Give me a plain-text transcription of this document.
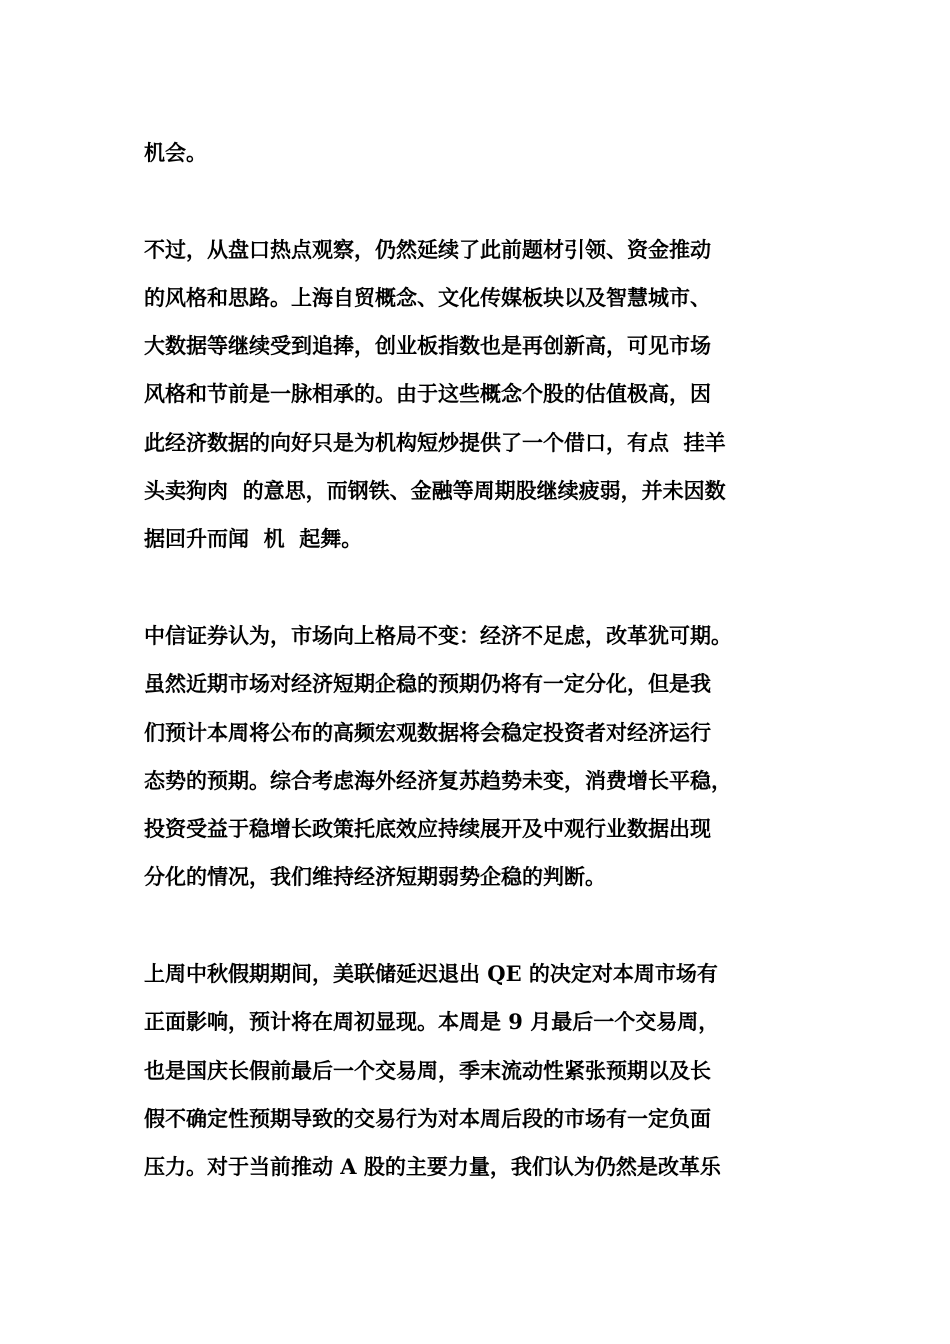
机会。

不过，从盘口热点观察，仍然延续了此前题材引领、资金推动

的风格和思路。上海自贸概念、文化传媒板块以及智慧城市、

大数据等继续受到追捧，创业板指数也是再创新高，可见市场

风格和节前是一脉相承的。由于这些概念个股的估值极高，因

此经济数据的向好只是为机构短炒提供了一个借口，有点  挂羊

头卖狗肉  的意思，而钢铁、金融等周期股继续疲弱，并未因数

据回升而闻  机  起舞。

中信证券认为，市场向上格局不变：经济不足虑，改革犹可期。

虽然近期市场对经济短期企稳的预期仍将有一定分化，但是我

们预计本周将公布的高频宏观数据将会稳定投资者对经济运行

态势的预期。综合考虑海外经济复苏趋势未变，消费增长平稳，

投资受益于稳增长政策托底效应持续展开及中观行业数据出现

分化的情况，我们维持经济短期弱势企稳的判断。

上周中秋假期期间，美联储延迟退出 QE 的决定对本周市场有

正面影响，预计将在周初显现。本周是 9 月最后一个交易周，

也是国庆长假前最后一个交易周，季末流动性紧张预期以及长

假不确定性预期导致的交易行为对本周后段的市场有一定负面

压力。对于当前推动 A 股的主要力量，我们认为仍然是改革乐
